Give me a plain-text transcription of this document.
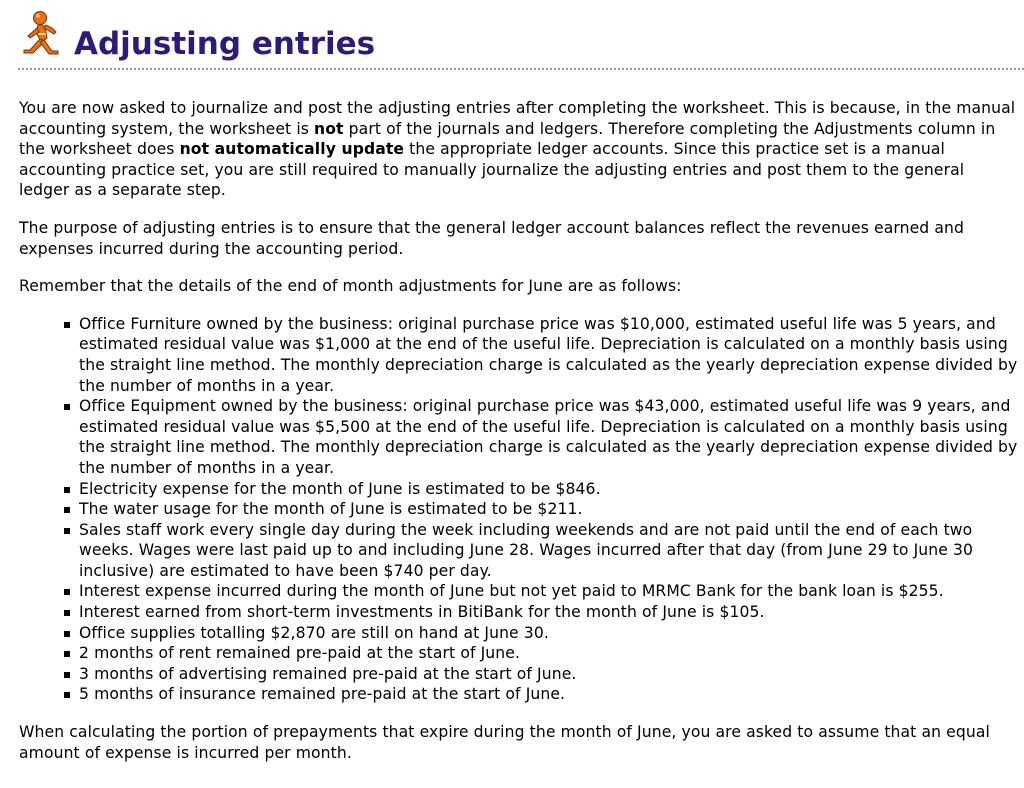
Adjusting entries

You are now asked to journalize and post the adjusting entries after completing the worksheet. This is because, in the manual accounting system, the worksheet is not part of the journals and ledgers. Therefore completing the Adjustments column in the worksheet does not automatically update the appropriate ledger accounts. Since this practice set is a manual accounting practice set, you are still required to manually journalize the adjusting entries and post them to the general ledger as a separate step.

The purpose of adjusting entries is to ensure that the general ledger account balances reflect the revenues earned and expenses incurred during the accounting period.

Remember that the details of the end of month adjustments for June are as follows:

Office Furniture owned by the business: original purchase price was $10,000, estimated useful life was 5 years, and estimated residual value was $1,000 at the end of the useful life. Depreciation is calculated on a monthly basis using the straight line method. The monthly depreciation charge is calculated as the yearly depreciation expense divided by the number of months in a year.
Office Equipment owned by the business: original purchase price was $43,000, estimated useful life was 9 years, and estimated residual value was $5,500 at the end of the useful life. Depreciation is calculated on a monthly basis using the straight line method. The monthly depreciation charge is calculated as the yearly depreciation expense divided by the number of months in a year.
Electricity expense for the month of June is estimated to be $846.
The water usage for the month of June is estimated to be $211.
Sales staff work every single day during the week including weekends and are not paid until the end of each two weeks. Wages were last paid up to and including June 28. Wages incurred after that day (from June 29 to June 30 inclusive) are estimated to have been $740 per day.
Interest expense incurred during the month of June but not yet paid to MRMC Bank for the bank loan is $255.
Interest earned from short-term investments in BitiBank for the month of June is $105.
Office supplies totalling $2,870 are still on hand at June 30.
2 months of rent remained pre-paid at the start of June.
3 months of advertising remained pre-paid at the start of June.
5 months of insurance remained pre-paid at the start of June.

When calculating the portion of prepayments that expire during the month of June, you are asked to assume that an equal amount of expense is incurred per month.
